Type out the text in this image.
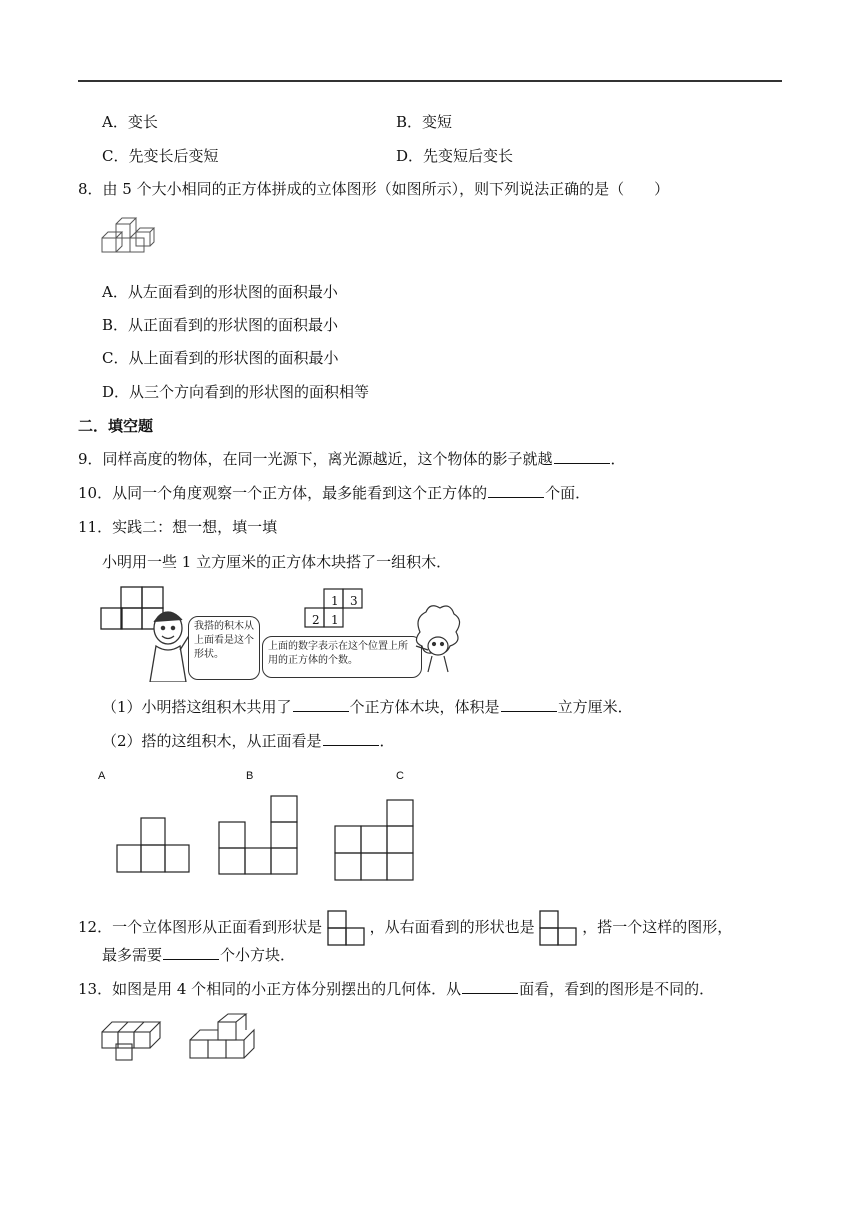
A．变长	B．变短
C．先变长后变短	D．先变短后变长
8．由 5 个大小相同的正方体拼成的立体图形（如图所示），则下列说法正确的是（　　）
A．从左面看到的形状图的面积最小
B．从正面看到的形状图的面积最小
C．从上面看到的形状图的面积最小
D．从三个方向看到的形状图的面积相等
二．填空题
9．同样高度的物体，在同一光源下，离光源越近，这个物体的影子就越	．
10．从同一个角度观察一个正方体，最多能看到这个正方体的	个面．
11．实践二：想一想，填一填
小明用一些 1 立方厘米的正方体木块搭了一组积木．
我搭的积木从上面看是这个形状。
1 3
2 1
上面的数字表示在这个位置上所用的正方体的个数。
（1）小明搭这组积木共用了	个正方体木块，体积是	立方厘米．
（2）搭的这组积木，从正面看是	．
A	B	C
12．一个立体图形从正面看到形状是	，从右面看到的形状也是	，搭一个这样的图形，
最多需要	个小方块．
13．如图是用 4 个相同的小正方体分别摆出的几何体．从	面看，看到的图形是不同的．
